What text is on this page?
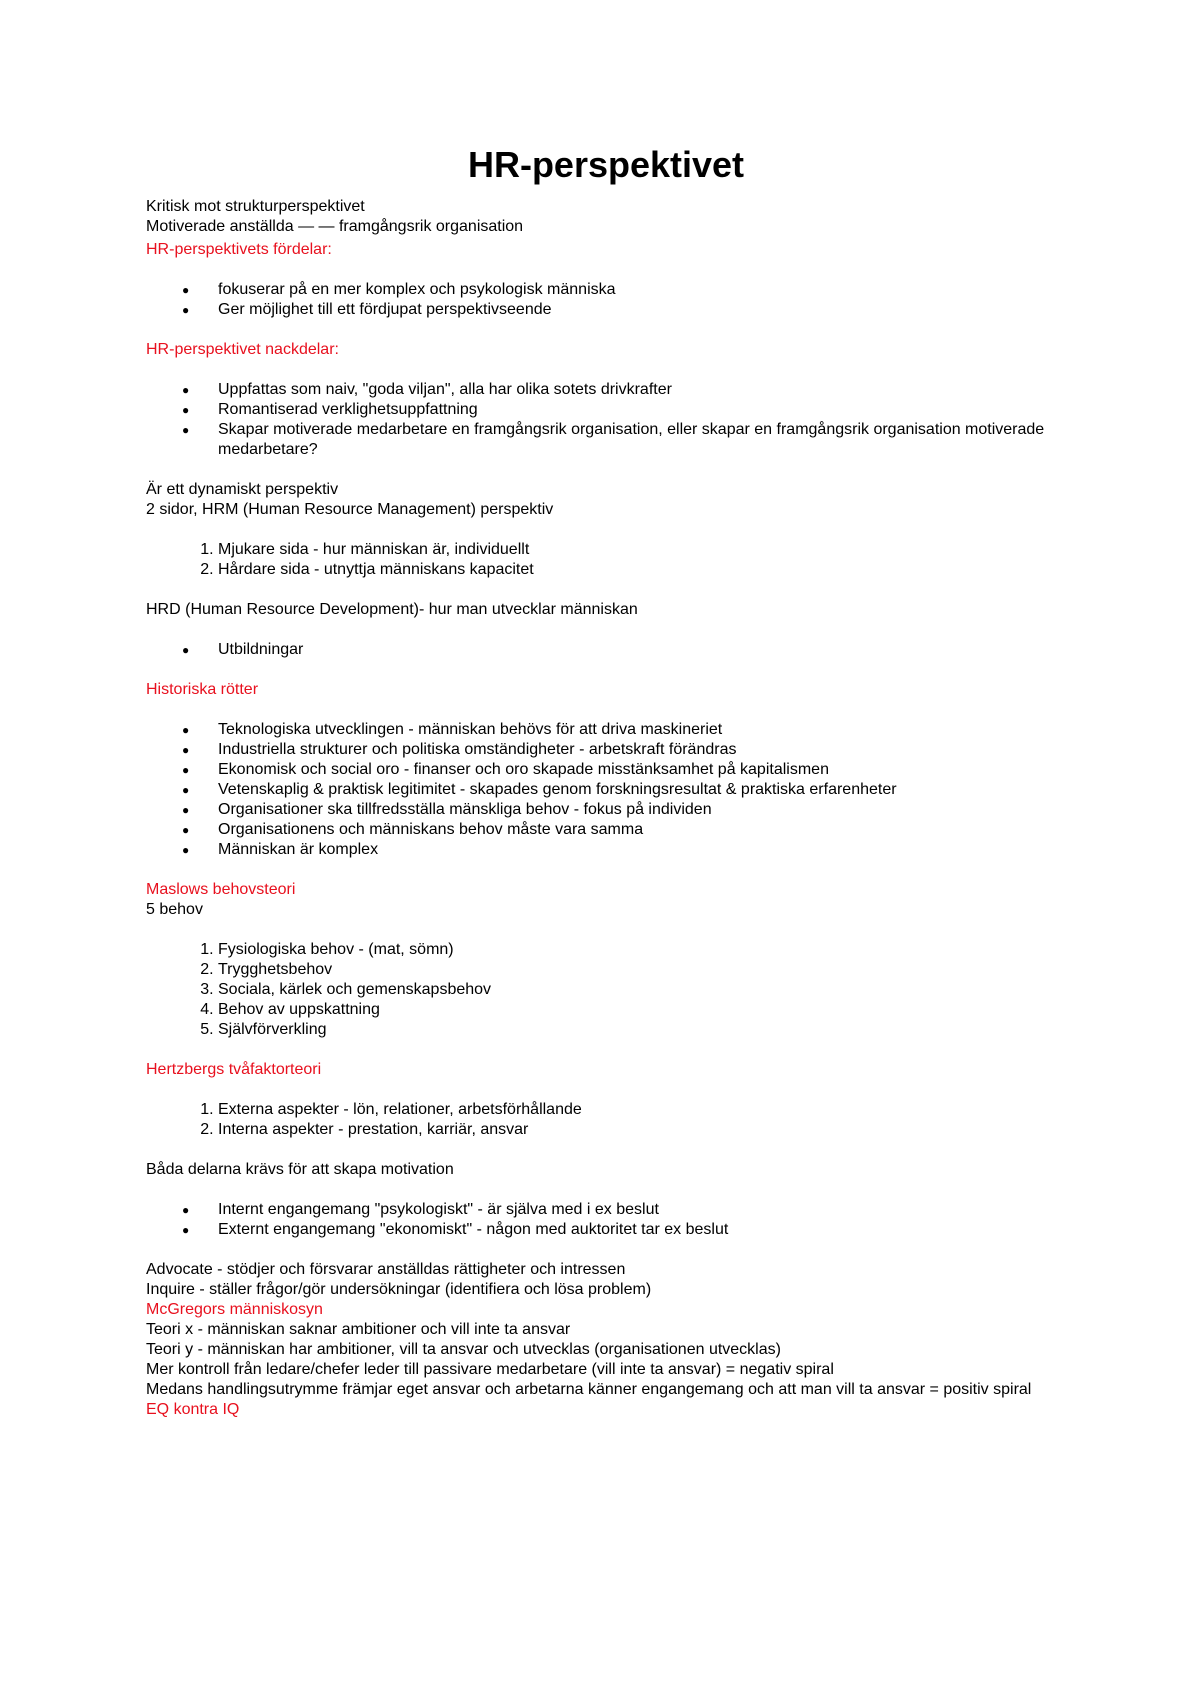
HR-perspektivet

Kritisk mot strukturperspektivet

Motiverade anställda — — framgångsrik organisation

HR-perspektivets fördelar:

● fokuserar på en mer komplex och psykologisk människa
● Ger möjlighet till ett fördjupat perspektivseende

HR-perspektivet nackdelar:

● Uppfattas som naiv, "goda viljan", alla har olika sotets drivkrafter
● Romantiserad verklighetsuppfattning
● Skapar motiverade medarbetare en framgångsrik organisation, eller skapar en framgångsrik organisation motiverade medarbetare?

Är ett dynamiskt perspektiv

2 sidor, HRM (Human Resource Management) perspektiv

1. Mjukare sida - hur människan är, individuellt
2. Hårdare sida - utnyttja människans kapacitet

HRD (Human Resource Development)- hur man utvecklar människan

● Utbildningar

Historiska rötter

● Teknologiska utvecklingen - människan behövs för att driva maskineriet
● Industriella strukturer och politiska omständigheter - arbetskraft förändras
● Ekonomisk och social oro - finanser och oro skapade misstänksamhet på kapitalismen
● Vetenskaplig & praktisk legitimitet - skapades genom forskningsresultat & praktiska erfarenheter
● Organisationer ska tillfredsställa mänskliga behov - fokus på individen
● Organisationens och människans behov måste vara samma
● Människan är komplex

Maslows behovsteori

5 behov

1. Fysiologiska behov - (mat, sömn)
2. Trygghetsbehov
3. Sociala, kärlek och gemenskapsbehov
4. Behov av uppskattning
5. Självförverkling

Hertzbergs tvåfaktorteori

1. Externa aspekter - lön, relationer, arbetsförhållande
2. Interna aspekter - prestation, karriär, ansvar

Båda delarna krävs för att skapa motivation

● Internt engangemang "psykologiskt" - är själva med i ex beslut
● Externt engangemang "ekonomiskt" - någon med auktoritet tar ex beslut

Advocate - stödjer och försvarar anställdas rättigheter och intressen

Inquire - ställer frågor/gör undersökningar (identifiera och lösa problem)

McGregors människosyn

Teori x - människan saknar ambitioner och vill inte ta ansvar

Teori y - människan har ambitioner, vill ta ansvar och utvecklas (organisationen utvecklas)

Mer kontroll från ledare/chefer leder till passivare medarbetare (vill inte ta ansvar) = negativ spiral

Medans handlingsutrymme främjar eget ansvar och arbetarna känner engangemang och att man vill ta ansvar = positiv spiral

EQ kontra IQ
